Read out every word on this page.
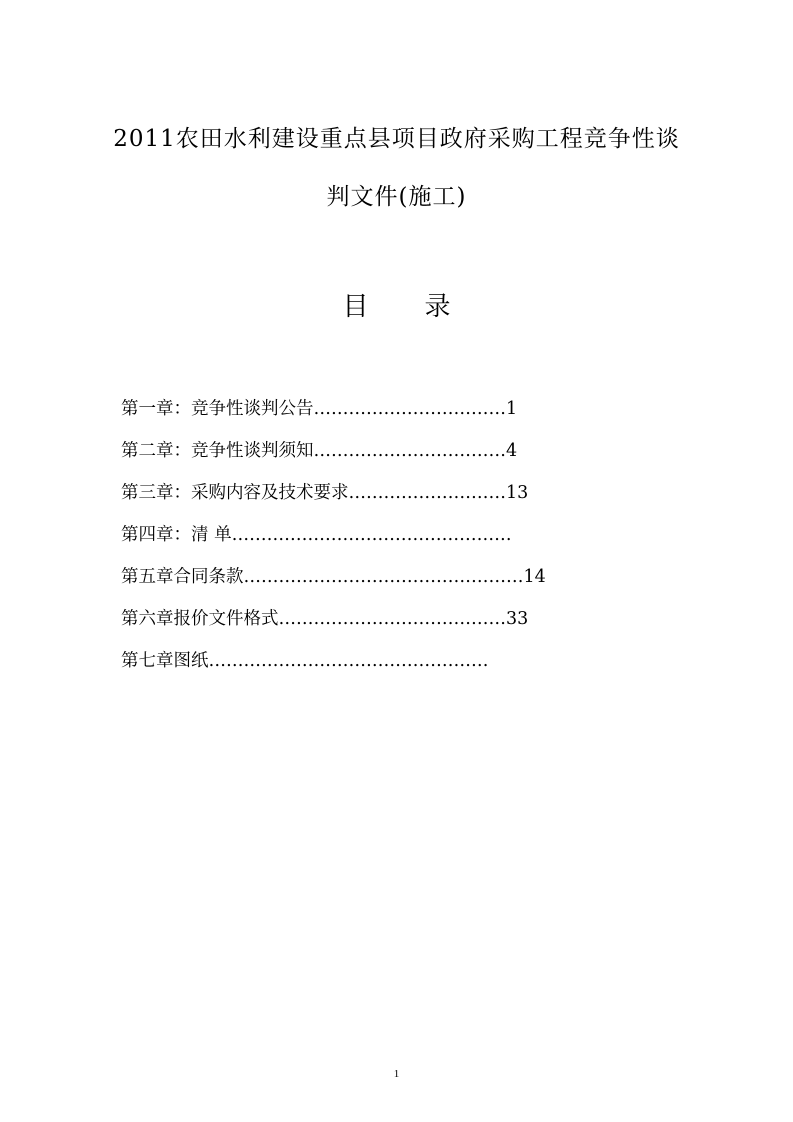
2011农田水利建设重点县项目政府采购工程竞争性谈
判文件(施工)
目 录
第一章：竞争性谈判公告……………………………1
第二章：竞争性谈判须知……………………………4
第三章：采购内容及技术要求………………………13
第四章：清 单…………………………………………
第五章合同条款…………………………………………14
第六章报价文件格式…………………………………33
第七章图纸…………………………………………
1
